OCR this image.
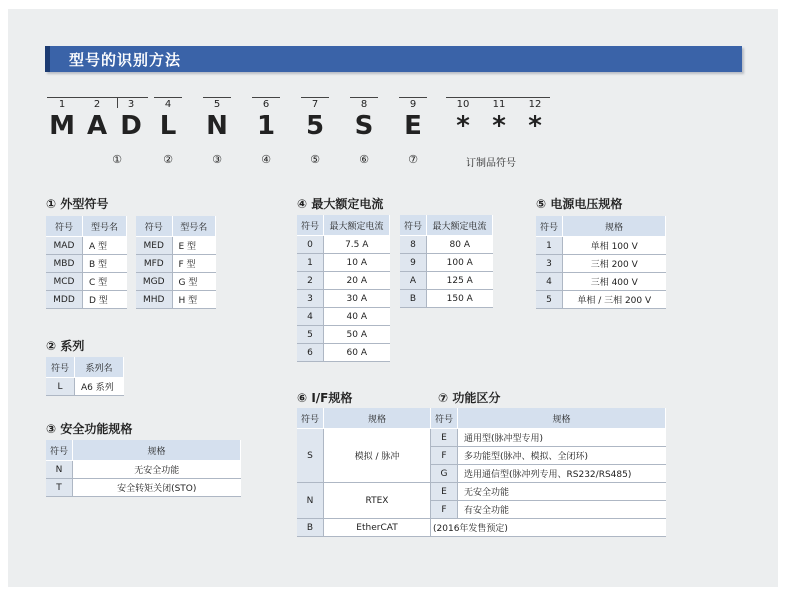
型号的识别方法
1	2	3	4	5	6	7	8	9	10	11	12
M A D L	N	1	5	S	E	* * *
①	②	③	④	⑤	⑥	⑦	订制品符号
① 外型符号
符号	型号名
MAD	A 型
MBD	B 型
MCD	C 型
MDD	D 型
符号	型号名
MED	E 型
MFD	F 型
MGD	G 型
MHD	H 型
② 系列
符号	系列名
L	A6 系列
③ 安全功能规格
符号	规格
N	无安全功能
T	安全转矩关闭(STO)
④ 最大额定电流
符号	最大额定电流
0	7.5 A
1	10 A
2	20 A
3	30 A
4	40 A
5	50 A
6	60 A
符号	最大额定电流
8	80 A
9	100 A
A	125 A
B	150 A
⑤ 电源电压规格
符号	规格
1	单相 100 V
3	三相 200 V
4	三相 400 V
5	单相 / 三相 200 V
⑥ I/F规格	⑦ 功能区分
符号	规格	符号	规格
S	模拟 / 脉冲	E	通用型(脉冲型专用)
		F	多功能型(脉冲、模拟、全闭环)
		G	选用通信型(脉冲列专用、RS232/RS485)
N	RTEX	E	无安全功能
		F	有安全功能
B	EtherCAT	(2016年发售预定)	
